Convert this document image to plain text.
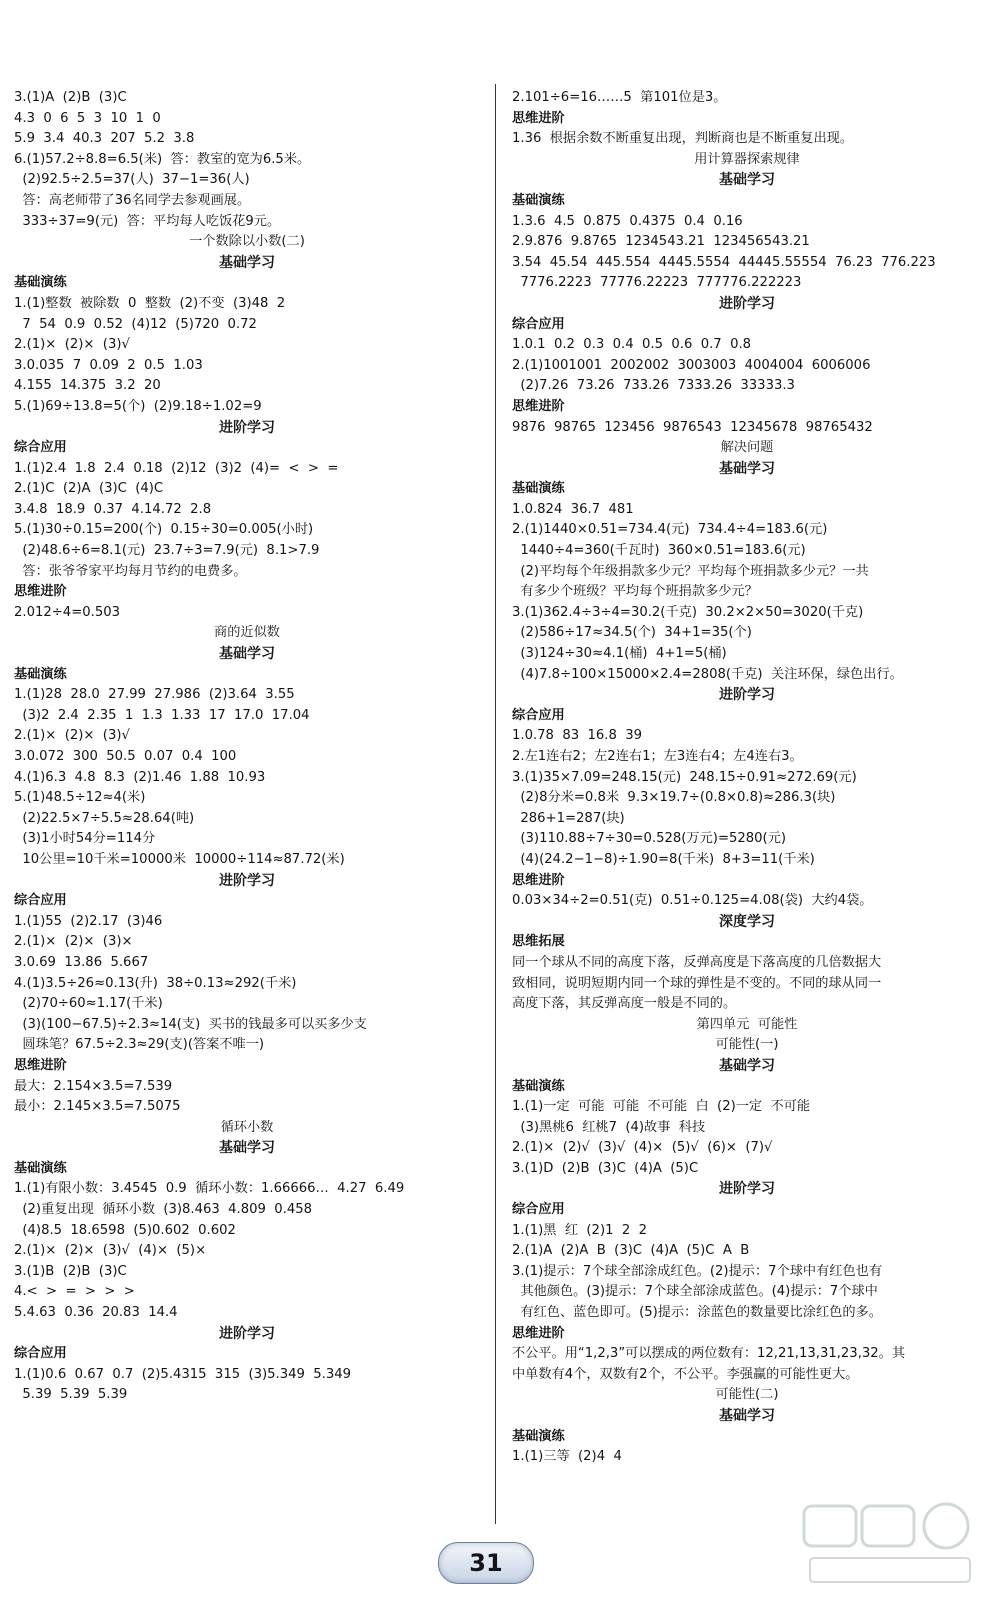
3.(1)A  (2)B  (3)C
4.3  0  6  5  3  10  1  0
5.9  3.4  40.3  207  5.2  3.8
6.(1)57.2÷8.8=6.5(米)  答：教室的宽为6.5米。
(2)92.5÷2.5=37(人)  37−1=36(人)
答：高老师带了36名同学去参观画展。
333÷37=9(元)  答：平均每人吃饭花9元。
一个数除以小数(二)
基础学习
基础演练
1.(1)整数  被除数  0  整数  (2)不变  (3)48  2
7  54  0.9  0.52  (4)12  (5)720  0.72
2.(1)×  (2)×  (3)√
3.0.035  7  0.09  2  0.5  1.03
4.155  14.375  3.2  20
5.(1)69÷13.8=5(个)  (2)9.18÷1.02=9
进阶学习
综合应用
1.(1)2.4  1.8  2.4  0.18  (2)12  (3)2  (4)=  <  >  =
2.(1)C  (2)A  (3)C  (4)C
3.4.8  18.9  0.37  4.14.72  2.8
5.(1)30÷0.15=200(个)  0.15÷30=0.005(小时)
(2)48.6÷6=8.1(元)  23.7÷3=7.9(元)  8.1>7.9
答：张爷爷家平均每月节约的电费多。
思维进阶
2.012÷4=0.503
商的近似数
基础学习
基础演练
1.(1)28  28.0  27.99  27.986  (2)3.64  3.55
(3)2  2.4  2.35  1  1.3  1.33  17  17.0  17.04
2.(1)×  (2)×  (3)√
3.0.072  300  50.5  0.07  0.4  100
4.(1)6.3  4.8  8.3  (2)1.46  1.88  10.93
5.(1)48.5÷12≈4(米)
(2)22.5×7÷5.5≈28.64(吨)
(3)1小时54分=114分
10公里=10千米=10000米  10000÷114≈87.72(米)
进阶学习
综合应用
1.(1)55  (2)2.17  (3)46
2.(1)×  (2)×  (3)×
3.0.69  13.86  5.667
4.(1)3.5÷26≈0.13(升)  38÷0.13≈292(千米)
(2)70÷60≈1.17(千米)
(3)(100−67.5)÷2.3≈14(支)  买书的钱最多可以买多少支
圆珠笔？67.5÷2.3≈29(支)(答案不唯一)
思维进阶
最大：2.154×3.5=7.539
最小：2.145×3.5=7.5075
循环小数
基础学习
基础演练
1.(1)有限小数：3.4545  0.9  循环小数：1.66666…  4.27  6.49
(2)重复出现  循环小数  (3)8.463  4.809  0.458
(4)8.5  18.6598  (5)0.602  0.602
2.(1)×  (2)×  (3)√  (4)×  (5)×
3.(1)B  (2)B  (3)C
4.<  >  =  >  >  >
5.4.63  0.36  20.83  14.4
进阶学习
综合应用
1.(1)0.6  0.67  0.7  (2)5.4315  315  (3)5.349  5.349
5.39  5.39  5.39
2.101÷6=16……5  第101位是3。
思维进阶
1.36  根据余数不断重复出现，判断商也是不断重复出现。
用计算器探索规律
基础学习
基础演练
1.3.6  4.5  0.875  0.4375  0.4  0.16
2.9.876  9.8765  1234543.21  123456543.21
3.54  45.54  445.554  4445.5554  44445.55554  76.23  776.223
7776.2223  77776.22223  777776.222223
进阶学习
综合应用
1.0.1  0.2  0.3  0.4  0.5  0.6  0.7  0.8
2.(1)1001001  2002002  3003003  4004004  6006006
(2)7.26  73.26  733.26  7333.26  33333.3
思维进阶
9876  98765  123456  9876543  12345678  98765432
解决问题
基础学习
基础演练
1.0.824  36.7  481
2.(1)1440×0.51=734.4(元)  734.4÷4=183.6(元)
1440÷4=360(千瓦时)  360×0.51=183.6(元)
(2)平均每个年级捐款多少元？平均每个班捐款多少元？一共
有多少个班级？平均每个班捐款多少元？
3.(1)362.4÷3÷4=30.2(千克)  30.2×2×50=3020(千克)
(2)586÷17≈34.5(个)  34+1=35(个)
(3)124÷30≈4.1(桶)  4+1=5(桶)
(4)7.8÷100×15000×2.4=2808(千克)  关注环保，绿色出行。
进阶学习
综合应用
1.0.78  83  16.8  39
2.左1连右2；左2连右1；左3连右4；左4连右3。
3.(1)35×7.09=248.15(元)  248.15÷0.91≈272.69(元)
(2)8分米=0.8米  9.3×19.7÷(0.8×0.8)≈286.3(块)
286+1=287(块)
(3)110.88÷7÷30=0.528(万元)=5280(元)
(4)(24.2−1−8)÷1.90=8(千米)  8+3=11(千米)
思维进阶
0.03×34÷2=0.51(克)  0.51÷0.125=4.08(袋)  大约4袋。
深度学习
思维拓展
同一个球从不同的高度下落，反弹高度是下落高度的几倍数据大
致相同，说明短期内同一个球的弹性是不变的。不同的球从同一
高度下落，其反弹高度一般是不同的。
第四单元  可能性
可能性(一)
基础学习
基础演练
1.(1)一定  可能  可能  不可能  白  (2)一定  不可能
(3)黑桃6  红桃7  (4)故事  科技
2.(1)×  (2)√  (3)√  (4)×  (5)√  (6)×  (7)√
3.(1)D  (2)B  (3)C  (4)A  (5)C
进阶学习
综合应用
1.(1)黑  红  (2)1  2  2
2.(1)A  (2)A  B  (3)C  (4)A  (5)C  A  B
3.(1)提示：7个球全部涂成红色。(2)提示：7个球中有红色也有
其他颜色。(3)提示：7个球全部涂成蓝色。(4)提示：7个球中
有红色、蓝色即可。(5)提示：涂蓝色的数量要比涂红色的多。
思维进阶
不公平。用“1,2,3”可以摆成的两位数有：12,21,13,31,23,32。其
中单数有4个，双数有2个，不公平。李强赢的可能性更大。
可能性(二)
基础学习
基础演练
1.(1)三等  (2)4  4
31
